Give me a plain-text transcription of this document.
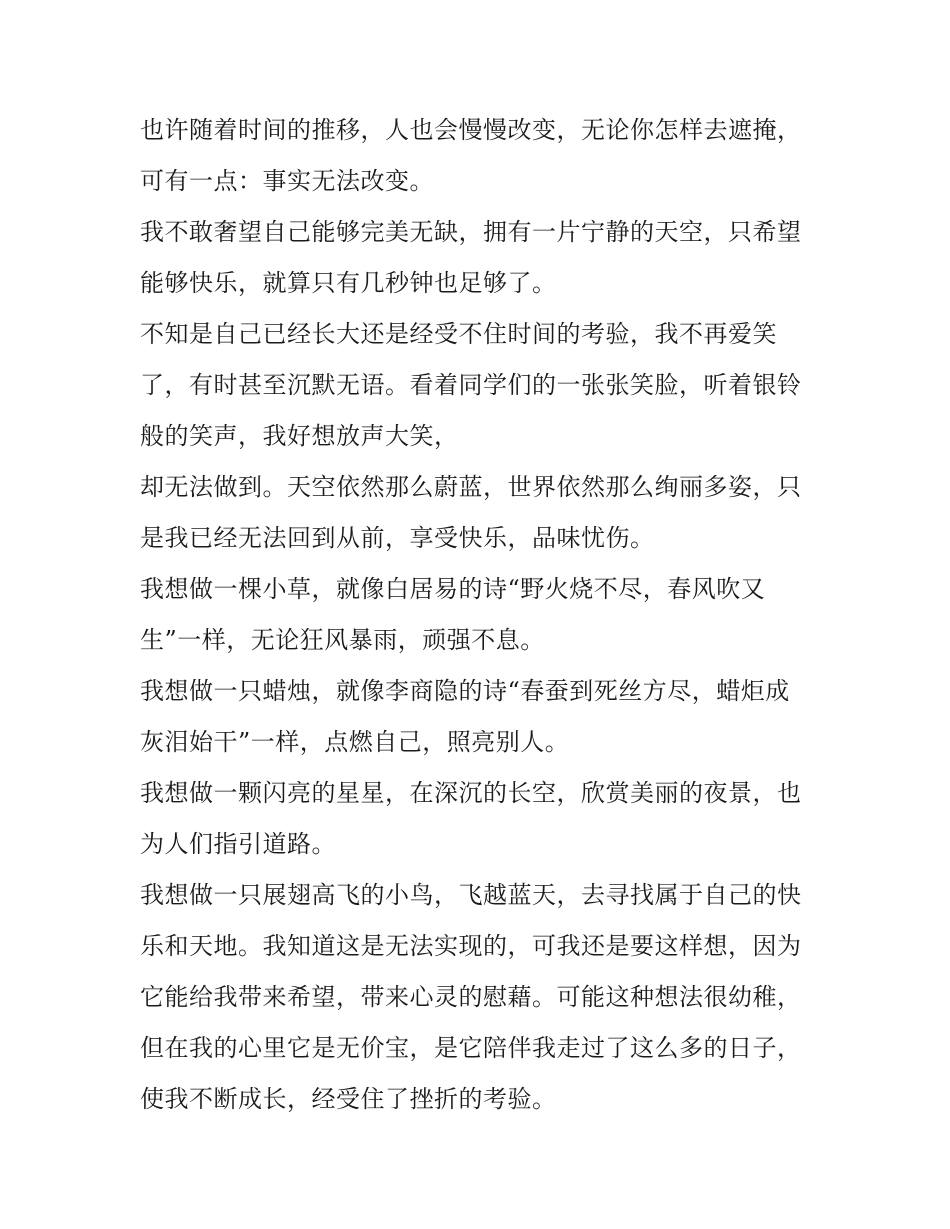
也许随着时间的推移，人也会慢慢改变，无论你怎样去遮掩，
可有一点：事实无法改变。
我不敢奢望自己能够完美无缺，拥有一片宁静的天空，只希望
能够快乐，就算只有几秒钟也足够了。
不知是自己已经长大还是经受不住时间的考验，我不再爱笑
了，有时甚至沉默无语。看着同学们的一张张笑脸，听着银铃
般的笑声，我好想放声大笑，
却无法做到。天空依然那么蔚蓝，世界依然那么绚丽多姿，只
是我已经无法回到从前，享受快乐，品味忧伤。
我想做一棵小草，就像白居易的诗“野火烧不尽，春风吹又
生”一样，无论狂风暴雨，顽强不息。
我想做一只蜡烛，就像李商隐的诗“春蚕到死丝方尽，蜡炬成
灰泪始干”一样，点燃自己，照亮别人。
我想做一颗闪亮的星星，在深沉的长空，欣赏美丽的夜景，也
为人们指引道路。
我想做一只展翅高飞的小鸟，飞越蓝天，去寻找属于自己的快
乐和天地。我知道这是无法实现的，可我还是要这样想，因为
它能给我带来希望，带来心灵的慰藉。可能这种想法很幼稚，
但在我的心里它是无价宝，是它陪伴我走过了这么多的日子，
使我不断成长，经受住了挫折的考验。
